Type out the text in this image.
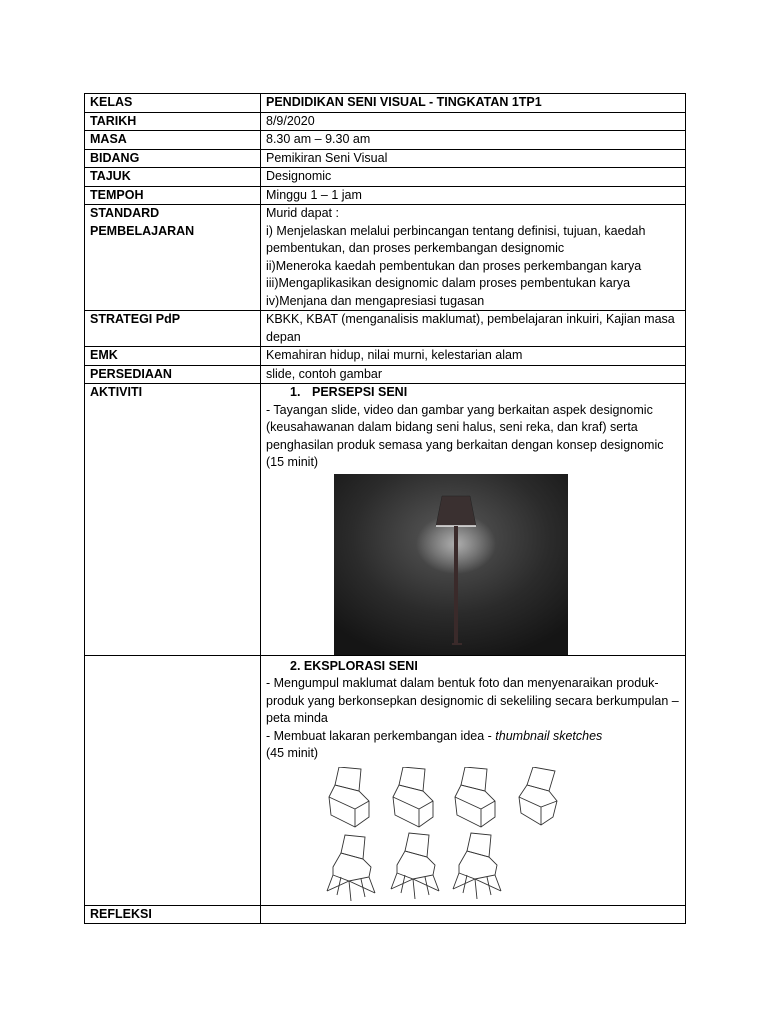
KELAS	PENDIDIKAN SENI VISUAL - TINGKATAN 1TP1
TARIKH	8/9/2020
MASA	8.30 am – 9.30 am
BIDANG	Pemikiran Seni Visual
TAJUK	Designomic
TEMPOH	Minggu 1 – 1 jam
STANDARD PEMBELAJARAN	Murid dapat :
i) Menjelaskan melalui perbincangan tentang definisi, tujuan, kaedah pembentukan, dan proses perkembangan designomic
ii)Meneroka kaedah pembentukan dan proses perkembangan karya
iii)Mengaplikasikan designomic dalam proses pembentukan karya
iv)Menjana dan mengapresiasi tugasan

STRATEGI PdP	KBKK, KBAT (menganalisis maklumat), pembelajaran inkuiri, Kajian masa depan
EMK	Kemahiran hidup, nilai murni, kelestarian alam
PERSEDIAAN	slide, contoh gambar
AKTIVITI	1. PERSEPSI SENI
- Tayangan slide, video dan gambar yang berkaitan aspek designomic (keusahawanan dalam bidang seni halus, seni reka, dan kraf) serta penghasilan produk semasa yang berkaitan dengan konsep designomic
(15 minit)

	2. EKSPLORASI SENI
- Mengumpul maklumat dalam bentuk foto dan menyenaraikan produk-produk yang berkonsepkan designomic di sekeliling secara berkumpulan – peta minda
- Membuat lakaran perkembangan idea - thumbnail sketches
(45 minit)

REFLEKSI	
